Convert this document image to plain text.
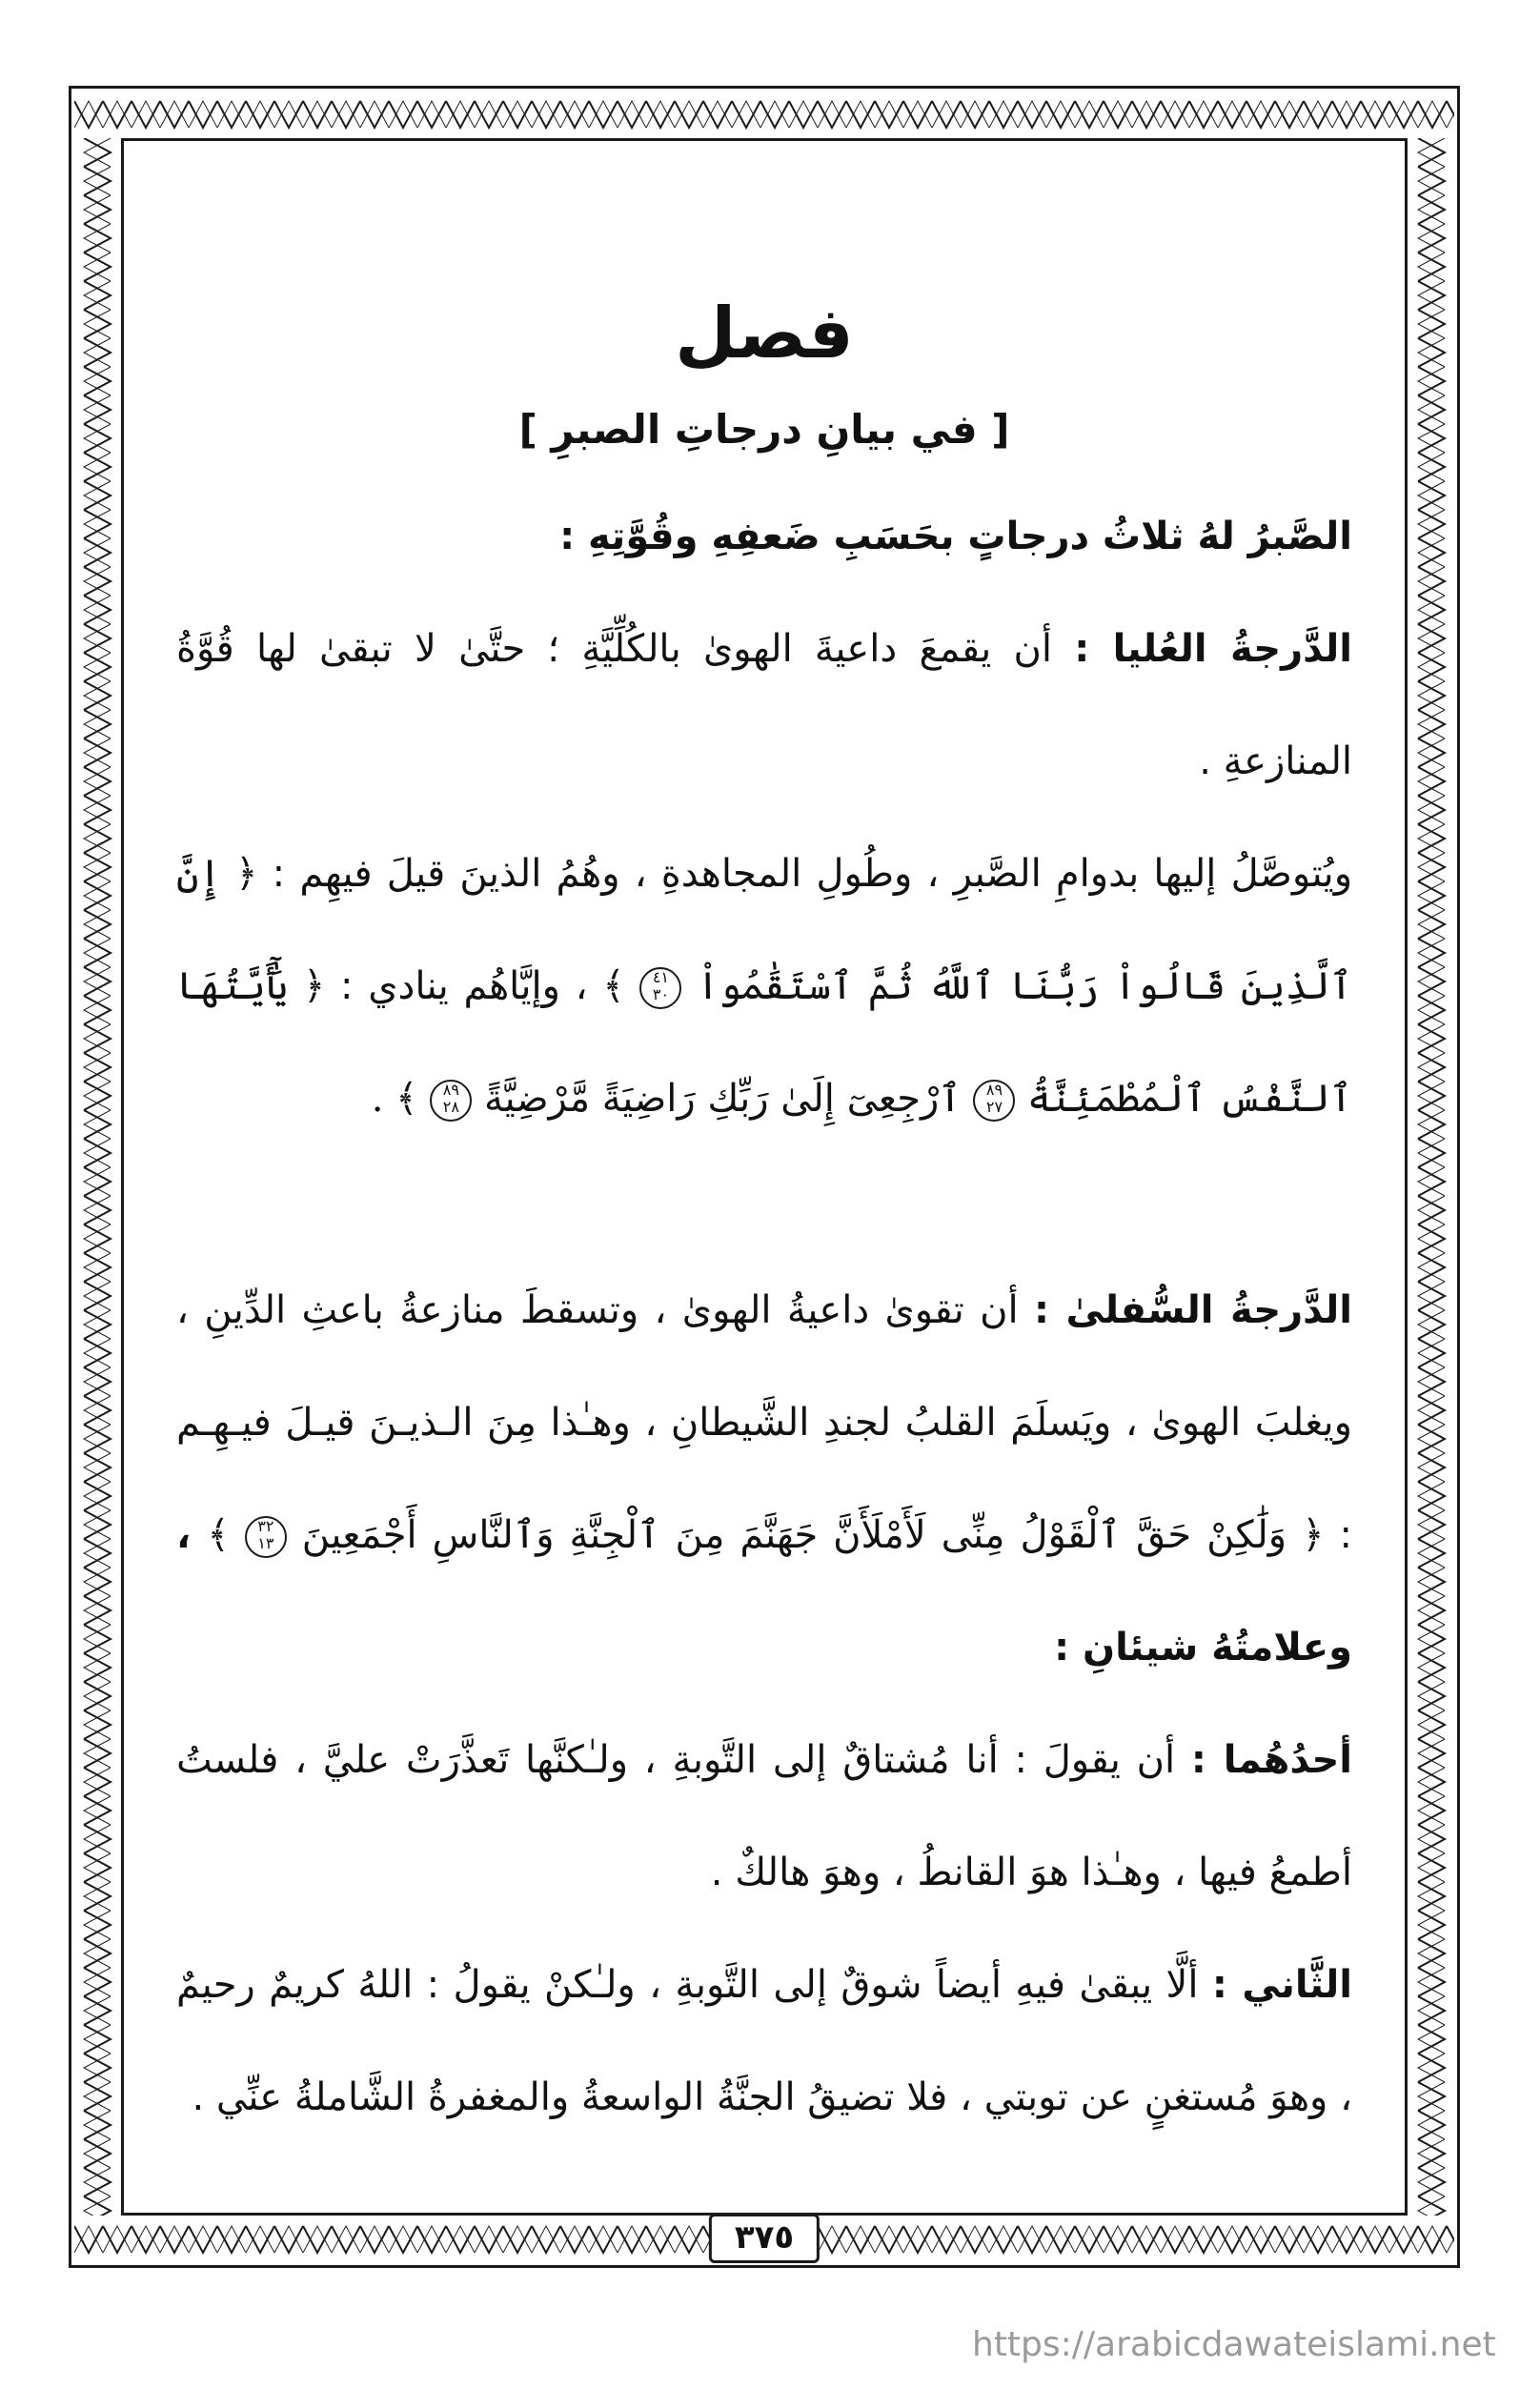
فصل
[ في بيانِ درجاتِ الصبرِ ]

الصَّبرُ لهُ ثلاثُ درجاتٍ بحَسَبِ ضَعفِهِ وقُوَّتِهِ :

الدَّرجةُ العُليا : أن يقمعَ داعيةَ الهوىٰ بالكُلِّيَّةِ ؛ حتَّىٰ لا تبقىٰ لها قُوَّةُ المنازعةِ .

ويُتوصَّلُ إليها بدوامِ الصَّبرِ ، وطُولِ المجاهدةِ ، وهُمُ الذينَ قيلَ فيهِم : ﴿ إِنَّ ٱلَّذِينَ قَالُواْ رَبُّنَا ٱللَّهُ ثُمَّ ٱسْتَقَٰمُواْ
٤١
٣٠
﴾ ، وإيَّاهُم ينادي : ﴿ يَٰٓأَيَّتُهَا ٱلنَّفْسُ ٱلْمُطْمَئِنَّةُ
٨٩
٢٧
ٱرْجِعِىٓ إِلَىٰ رَبِّكِ رَاضِيَةً مَّرْضِيَّةً
٨٩
٢٨
﴾ .

الدَّرجةُ السُّفلىٰ : أن تقوىٰ داعيةُ الهوىٰ ، وتسقطَ منازعةُ باعثِ الدِّينِ ، ويغلبَ الهوىٰ ، ويَسلَمَ القلبُ لجندِ الشَّيطانِ ، وهـٰذا مِنَ الـذيـنَ قيـلَ فيـهِـم : ﴿ وَلَٰكِنْ حَقَّ ٱلْقَوْلُ مِنِّى لَأَمْلَأَنَّ جَهَنَّمَ مِنَ ٱلْجِنَّةِ وَٱلنَّاسِ أَجْمَعِينَ
٣٢
١٣
﴾ ، وعلامتُهُ شيئانِ :

أحدُهُما : أن يقولَ : أنا مُشتاقٌ إلى التَّوبةِ ، ولـٰكنَّها تَعذَّرَتْ عليَّ ، فلستُ أطمعُ فيها ، وهـٰذا هوَ القانطُ ، وهوَ هالكٌ .

الثَّاني : ألَّا يبقىٰ فيهِ أيضاً شوقٌ إلى التَّوبةِ ، ولـٰكنْ يقولُ : اللهُ كريمٌ رحيمٌ ، وهوَ مُستغنٍ عن توبتي ، فلا تضيقُ الجنَّةُ الواسعةُ والمغفرةُ الشَّاملةُ عنِّي .

٣٧٥
https://arabicdawateislami.net
